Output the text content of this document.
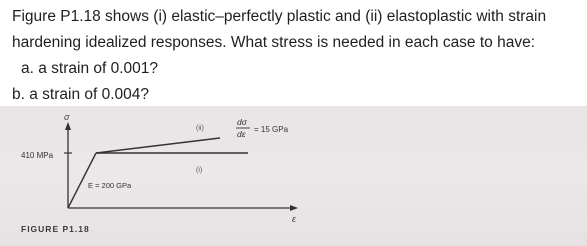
Figure P1.18 shows (i) elastic–perfectly plastic and (ii) elastoplastic with strain
hardening idealized responses. What stress is needed in each case to have:
a. a strain of 0.001?
b. a strain of 0.004?
σ
ε
410 MPa
E = 200 GPa
(ii)
(i)
dσ
dε = 15 GPa
FIGURE P1.18
